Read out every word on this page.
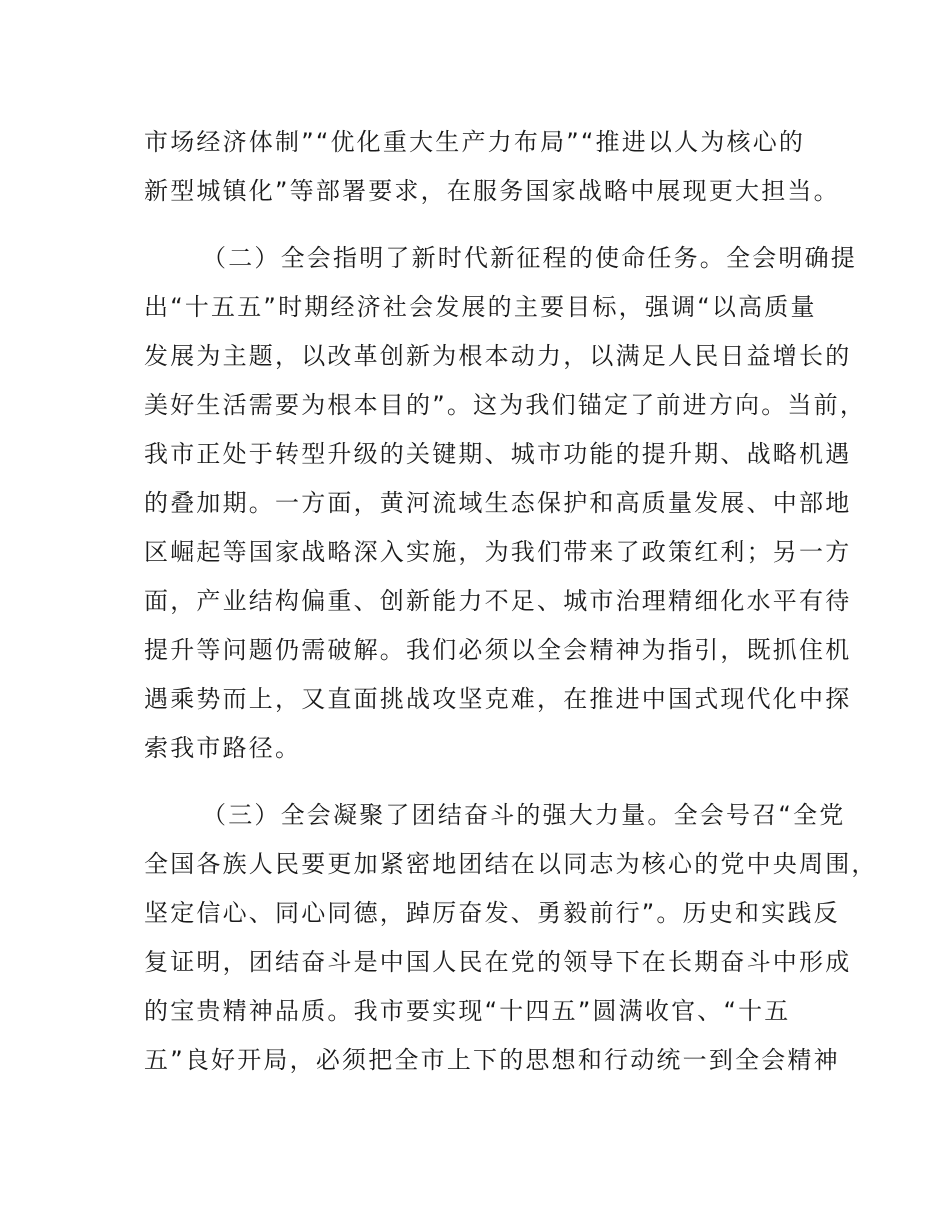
市场经济体制”“优化重大生产力布局”“推进以人为核心的
新型城镇化”等部署要求，在服务国家战略中展现更大担当。
（二）全会指明了新时代新征程的使命任务。全会明确提
出“十五五”时期经济社会发展的主要目标，强调“以高质量
发展为主题，以改革创新为根本动力，以满足人民日益增长的
美好生活需要为根本目的”。这为我们锚定了前进方向。当前，
我市正处于转型升级的关键期、城市功能的提升期、战略机遇
的叠加期。一方面，黄河流域生态保护和高质量发展、中部地
区崛起等国家战略深入实施，为我们带来了政策红利；另一方
面，产业结构偏重、创新能力不足、城市治理精细化水平有待
提升等问题仍需破解。我们必须以全会精神为指引，既抓住机
遇乘势而上，又直面挑战攻坚克难，在推进中国式现代化中探
索我市路径。
（三）全会凝聚了团结奋斗的强大力量。全会号召“全党
全国各族人民要更加紧密地团结在以同志为核心的党中央周围，
坚定信心、同心同德，踔厉奋发、勇毅前行”。历史和实践反
复证明，团结奋斗是中国人民在党的领导下在长期奋斗中形成
的宝贵精神品质。我市要实现“十四五”圆满收官、“十五
五”良好开局，必须把全市上下的思想和行动统一到全会精神
